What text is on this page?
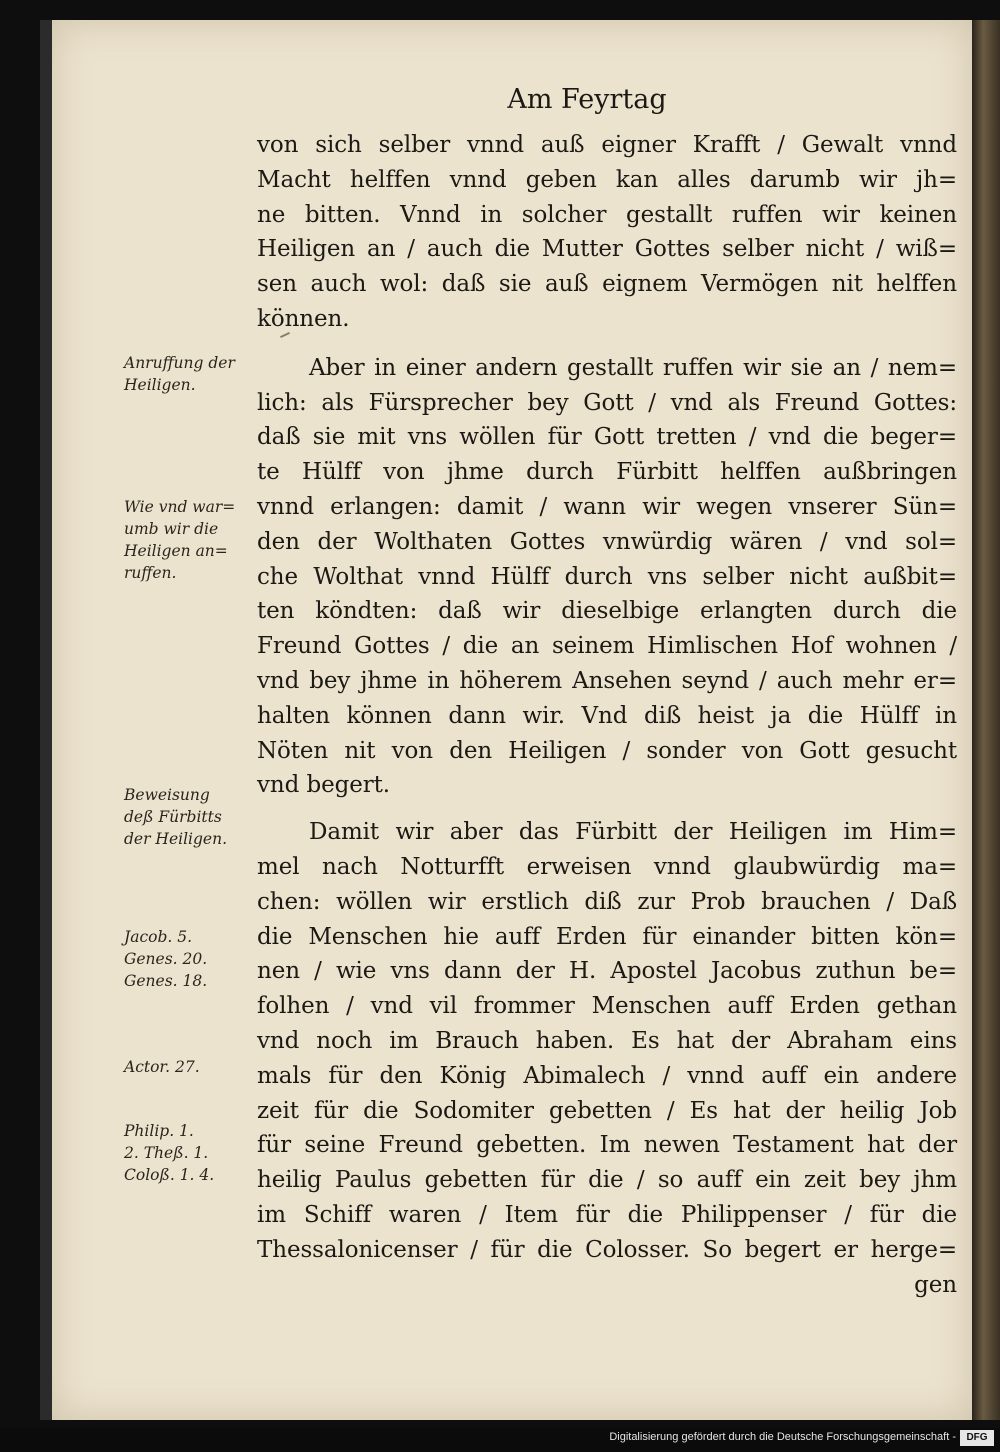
Am Feyrtag
von sich selber vnnd auß eigner Krafft / Gewalt vnnd
Macht helffen vnnd geben kan alles darumb wir jh=
ne bitten. Vnnd in solcher gestallt ruffen wir keinen
Heiligen an / auch die Mutter Gottes selber nicht / wiß=
sen auch wol: daß sie auß eignem Vermögen nit helffen
können.
Aber in einer andern gestallt ruffen wir sie an / nem=
lich: als Fürsprecher bey Gott / vnd als Freund Gottes:
daß sie mit vns wöllen für Gott tretten / vnd die beger=
te Hülff von jhme durch Fürbitt helffen außbringen
vnnd erlangen: damit / wann wir wegen vnserer Sün=
den der Wolthaten Gottes vnwürdig wären / vnd sol=
che Wolthat vnnd Hülff durch vns selber nicht außbit=
ten köndten: daß wir dieselbige erlangten durch die
Freund Gottes / die an seinem Himlischen Hof wohnen /
vnd bey jhme in höherem Ansehen seynd / auch mehr er=
halten können dann wir. Vnd diß heist ja die Hülff in
Nöten nit von den Heiligen / sonder von Gott gesucht
vnd begert.
Damit wir aber das Fürbitt der Heiligen im Him=
mel nach Notturfft erweisen vnnd glaubwürdig ma=
chen: wöllen wir erstlich diß zur Prob brauchen / Daß
die Menschen hie auff Erden für einander bitten kön=
nen / wie vns dann der H. Apostel Jacobus zuthun be=
folhen / vnd vil frommer Menschen auff Erden gethan
vnd noch im Brauch haben. Es hat der Abraham eins
mals für den König Abimalech / vnnd auff ein andere
zeit für die Sodomiter gebetten / Es hat der heilig Job
für seine Freund gebetten. Im newen Testament hat der
heilig Paulus gebetten für die / so auff ein zeit bey jhm
im Schiff waren / Item für die Philippenser / für die
Thessalonicenser / für die Colosser. So begert er herge=
gen
Anruffung der
Heiligen.
Wie vnd war=
umb wir die
Heiligen an=
ruffen.
Beweisung
deß Fürbitts
der Heiligen.
Jacob. 5.
Genes. 20.
Genes. 18.
Actor. 27.
Philip. 1.
2. Theß. 1.
Coloß. 1. 4.
Digitalisierung gefördert durch die Deutsche Forschungsgemeinschaft -	DFG
